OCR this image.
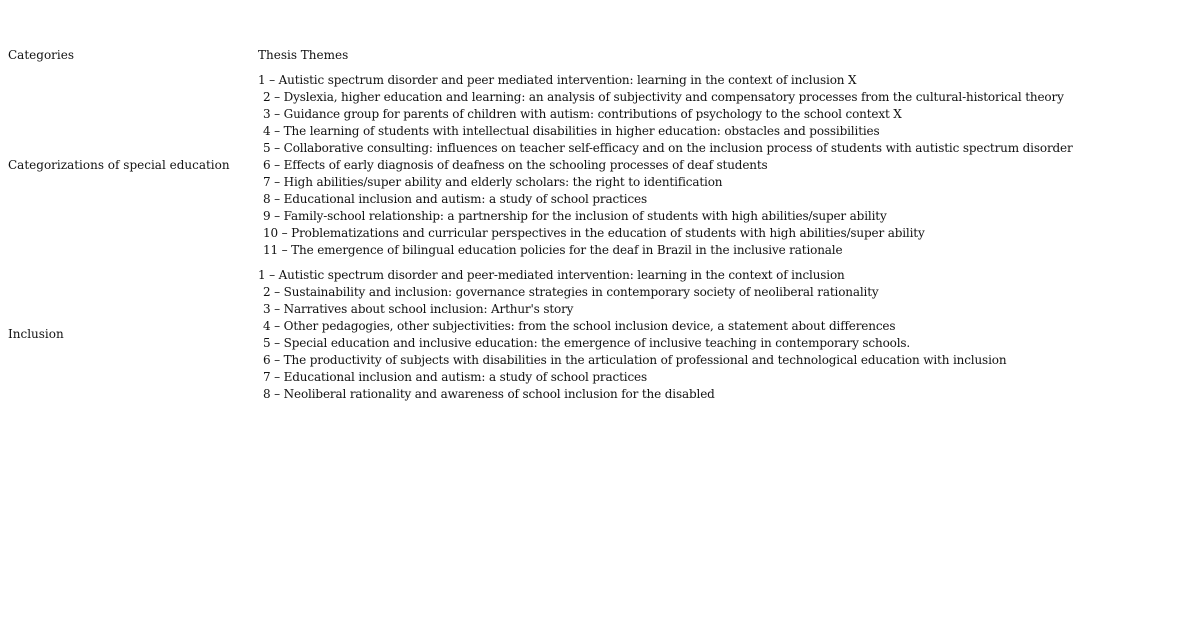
Categories	Thesis Themes
Categorizations of special education
1 – Autistic spectrum disorder and peer mediated intervention: learning in the context of inclusion X
2 – Dyslexia, higher education and learning: an analysis of subjectivity and compensatory processes from the cultural-historical theory
3 – Guidance group for parents of children with autism: contributions of psychology to the school context X
4 – The learning of students with intellectual disabilities in higher education: obstacles and possibilities
5 – Collaborative consulting: influences on teacher self-efficacy and on the inclusion process of students with autistic spectrum disorder
6 – Effects of early diagnosis of deafness on the schooling processes of deaf students
7 – High abilities/super ability and elderly scholars: the right to identification
8 – Educational inclusion and autism: a study of school practices
9 – Family-school relationship: a partnership for the inclusion of students with high abilities/super ability
10 – Problematizations and curricular perspectives in the education of students with high abilities/super ability
11 – The emergence of bilingual education policies for the deaf in Brazil in the inclusive rationale
Inclusion
1 – Autistic spectrum disorder and peer-mediated intervention: learning in the context of inclusion
2 – Sustainability and inclusion: governance strategies in contemporary society of neoliberal rationality
3 – Narratives about school inclusion: Arthur's story
4 – Other pedagogies, other subjectivities: from the school inclusion device, a statement about differences
5 – Special education and inclusive education: the emergence of inclusive teaching in contemporary schools.
6 – The productivity of subjects with disabilities in the articulation of professional and technological education with inclusion
7 – Educational inclusion and autism: a study of school practices
8 – Neoliberal rationality and awareness of school inclusion for the disabled
